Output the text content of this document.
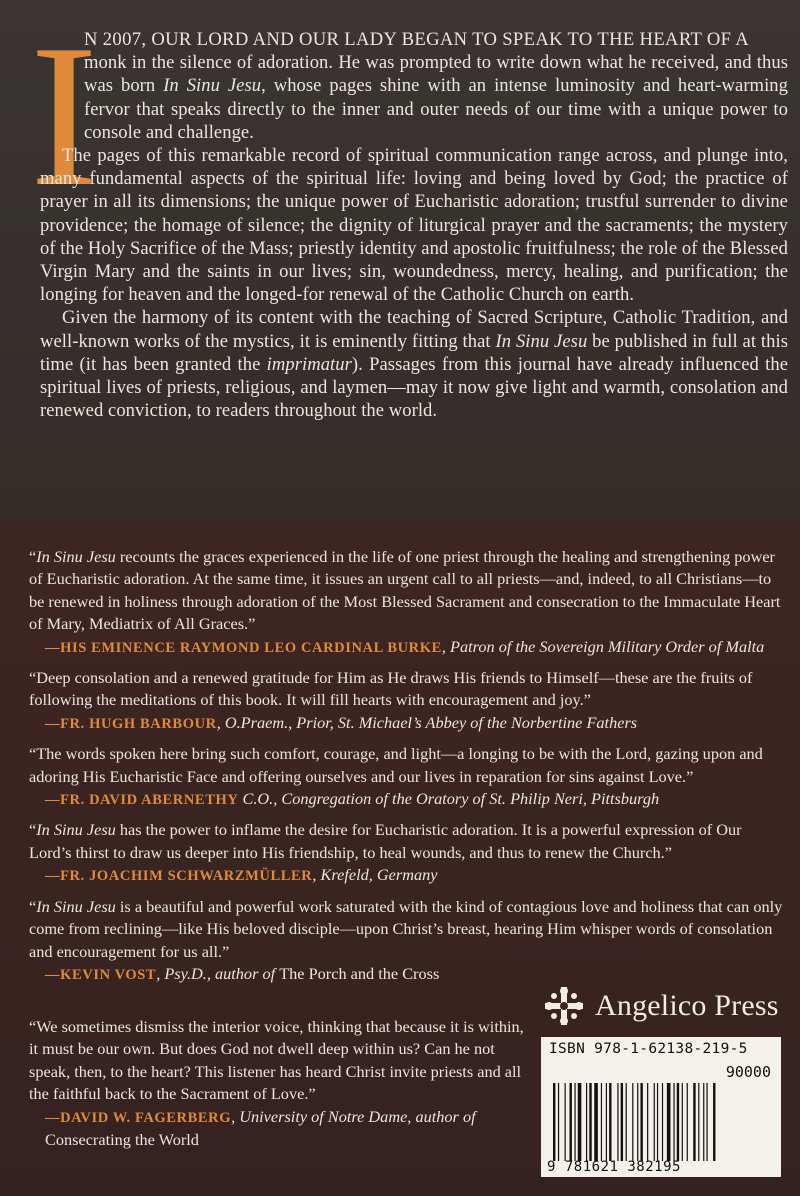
I

N 2007, OUR LORD AND OUR LADY BEGAN TO SPEAK TO THE HEART OF A
monk in the silence of adoration. He was prompted to write down what he received, and thus was born In Sinu Jesu, whose pages shine with an intense luminosity and heart-warming fervor that speaks directly to the inner and outer needs of our time with a unique power to console and challenge.

The pages of this remarkable record of spiritual communication range across, and plunge into, many fundamental aspects of the spiritual life: loving and being loved by God; the practice of prayer in all its dimensions; the unique power of Eucharistic adoration; trustful surrender to divine providence; the homage of silence; the dignity of liturgical prayer and the sacraments; the mystery of the Holy Sacrifice of the Mass; priestly identity and apostolic fruitfulness; the role of the Blessed Virgin Mary and the saints in our lives; sin, woundedness, mercy, healing, and purification; the longing for heaven and the longed-for renewal of the Catholic Church on earth.

Given the harmony of its content with the teaching of Sacred Scripture, Catholic Tradition, and well-known works of the mystics, it is eminently fitting that In Sinu Jesu be published in full at this time (it has been granted the imprimatur). Passages from this journal have already influenced the spiritual lives of priests, religious, and laymen—may it now give light and warmth, consolation and renewed conviction, to readers throughout the world.

“In Sinu Jesu recounts the graces experienced in the life of one priest through the healing and strengthening power of Eucharistic adoration. At the same time, it issues an urgent call to all priests—and, indeed, to all Christians—to be renewed in holiness through adoration of the Most Blessed Sacrament and consecration to the Immaculate Heart of Mary, Mediatrix of All Graces.”
—HIS EMINENCE RAYMOND LEO CARDINAL BURKE, Patron of the Sovereign Military Order of Malta
“Deep consolation and a renewed gratitude for Him as He draws His friends to Himself—these are the fruits of following the meditations of this book. It will fill hearts with encouragement and joy.”
—FR. HUGH BARBOUR, O.Praem., Prior, St. Michael’s Abbey of the Norbertine Fathers
“The words spoken here bring such comfort, courage, and light—a longing to be with the Lord, gazing upon and adoring His Eucharistic Face and offering ourselves and our lives in reparation for sins against Love.”
—FR. DAVID ABERNETHY C.O., Congregation of the Oratory of St. Philip Neri, Pittsburgh
“In Sinu Jesu has the power to inflame the desire for Eucharistic adoration. It is a powerful expression of Our Lord’s thirst to draw us deeper into His friendship, to heal wounds, and thus to renew the Church.”
—FR. JOACHIM SCHWARZMÜLLER, Krefeld, Germany
“In Sinu Jesu is a beautiful and powerful work saturated with the kind of contagious love and holiness that can only come from reclining—like His beloved disciple—upon Christ’s breast, hearing Him whisper words of consolation and encouragement for us all.”
—KEVIN VOST, Psy.D., author of The Porch and the Cross
“We sometimes dismiss the interior voice, thinking that because it is within, it must be our own. But does God not dwell deep within us? Can he not speak, then, to the heart? This listener has heard Christ invite priests and all the faithful back to the Sacrament of Love.”
—DAVID W. FAGERBERG, University of Notre Dame, author of Consecrating the World
Angelico Press
ISBN 978-1-62138-219-5
90000
9 781621 382195
